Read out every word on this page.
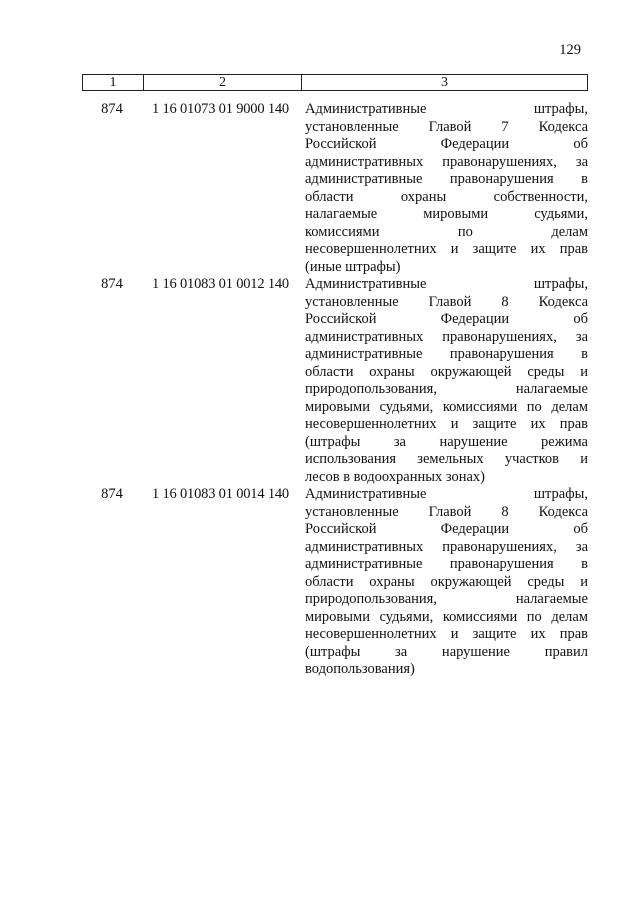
129
1	2	3
874	1 16 01073 01 9000 140	Административные штрафы,
установленные Главой 7 Кодекса
Российской Федерации об
административных правонарушениях, за
административные правонарушения в
области охраны собственности,
налагаемые мировыми судьями,
комиссиями по делам
несовершеннолетних и защите их прав
(иные штрафы)
874	1 16 01083 01 0012 140	Административные штрафы,
установленные Главой 8 Кодекса
Российской Федерации об
административных правонарушениях, за
административные правонарушения в
области охраны окружающей среды и
природопользования, налагаемые
мировыми судьями, комиссиями по делам
несовершеннолетних и защите их прав
(штрафы за нарушение режима
использования земельных участков и
лесов в водоохранных зонах)
874	1 16 01083 01 0014 140	Административные штрафы,
установленные Главой 8 Кодекса
Российской Федерации об
административных правонарушениях, за
административные правонарушения в
области охраны окружающей среды и
природопользования, налагаемые
мировыми судьями, комиссиями по делам
несовершеннолетних и защите их прав
(штрафы за нарушение правил
водопользования)
